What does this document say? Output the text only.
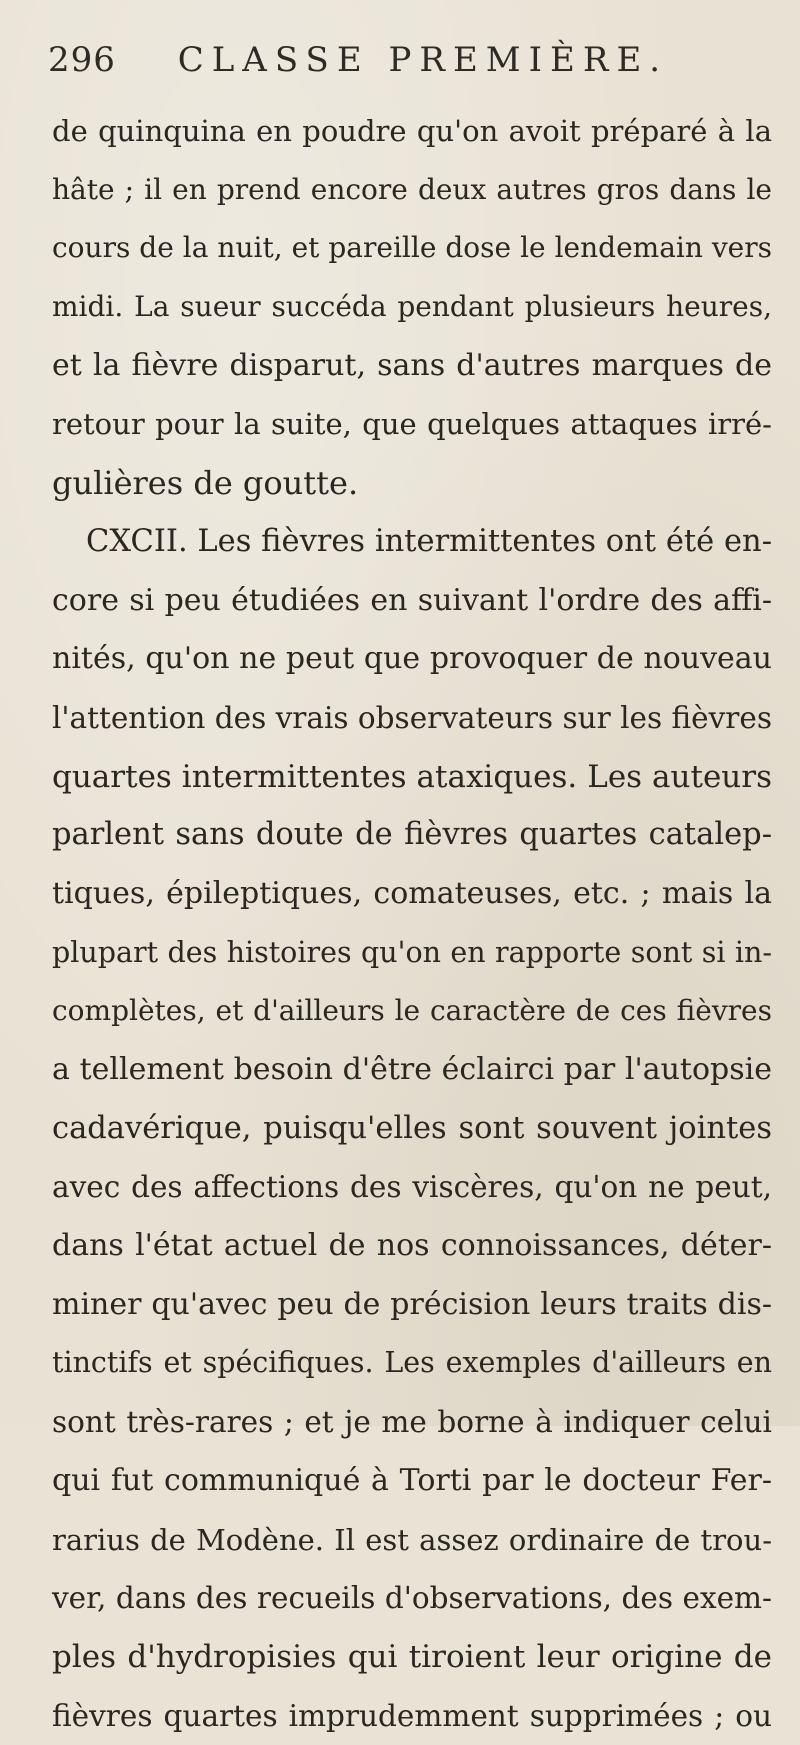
296 CLASSE PREMIÈRE.
de quinquina en poudre qu'on avoit préparé à la
hâte ; il en prend encore deux autres gros dans le
cours de la nuit, et pareille dose le lendemain vers
midi. La sueur succéda pendant plusieurs heures,
et la fièvre disparut, sans d'autres marques de
retour pour la suite, que quelques attaques irré-
gulières de goutte.
CXCII. Les fièvres intermittentes ont été en-
core si peu étudiées en suivant l'ordre des affi-
nités, qu'on ne peut que provoquer de nouveau
l'attention des vrais observateurs sur les fièvres
quartes intermittentes ataxiques. Les auteurs
parlent sans doute de fièvres quartes catalep-
tiques, épileptiques, comateuses, etc. ; mais la
plupart des histoires qu'on en rapporte sont si in-
complètes, et d'ailleurs le caractère de ces fièvres
a tellement besoin d'être éclairci par l'autopsie
cadavérique, puisqu'elles sont souvent jointes
avec des affections des viscères, qu'on ne peut,
dans l'état actuel de nos connoissances, déter-
miner qu'avec peu de précision leurs traits dis-
tinctifs et spécifiques. Les exemples d'ailleurs en
sont très-rares ; et je me borne à indiquer celui
qui fut communiqué à Torti par le docteur Fer-
rarius de Modène. Il est assez ordinaire de trou-
ver, dans des recueils d'observations, des exem-
ples d'hydropisies qui tiroient leur origine de
fièvres quartes imprudemment supprimées ; ou
